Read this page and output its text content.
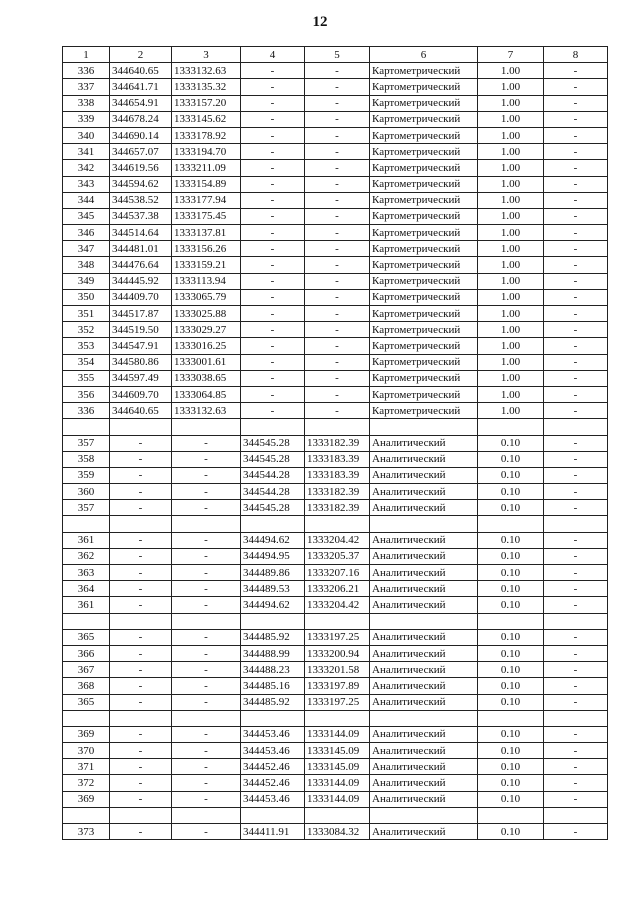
12
1	2	3	4	5	6	7	8
336	344640.65	1333132.63	-	-	Картометрический	1.00	-
337	344641.71	1333135.32	-	-	Картометрический	1.00	-
338	344654.91	1333157.20	-	-	Картометрический	1.00	-
339	344678.24	1333145.62	-	-	Картометрический	1.00	-
340	344690.14	1333178.92	-	-	Картометрический	1.00	-
341	344657.07	1333194.70	-	-	Картометрический	1.00	-
342	344619.56	1333211.09	-	-	Картометрический	1.00	-
343	344594.62	1333154.89	-	-	Картометрический	1.00	-
344	344538.52	1333177.94	-	-	Картометрический	1.00	-
345	344537.38	1333175.45	-	-	Картометрический	1.00	-
346	344514.64	1333137.81	-	-	Картометрический	1.00	-
347	344481.01	1333156.26	-	-	Картометрический	1.00	-
348	344476.64	1333159.21	-	-	Картометрический	1.00	-
349	344445.92	1333113.94	-	-	Картометрический	1.00	-
350	344409.70	1333065.79	-	-	Картометрический	1.00	-
351	344517.87	1333025.88	-	-	Картометрический	1.00	-
352	344519.50	1333029.27	-	-	Картометрический	1.00	-
353	344547.91	1333016.25	-	-	Картометрический	1.00	-
354	344580.86	1333001.61	-	-	Картометрический	1.00	-
355	344597.49	1333038.65	-	-	Картометрический	1.00	-
356	344609.70	1333064.85	-	-	Картометрический	1.00	-
336	344640.65	1333132.63	-	-	Картометрический	1.00	-

357	-	-	344545.28	1333182.39	Аналитический	0.10	-
358	-	-	344545.28	1333183.39	Аналитический	0.10	-
359	-	-	344544.28	1333183.39	Аналитический	0.10	-
360	-	-	344544.28	1333182.39	Аналитический	0.10	-
357	-	-	344545.28	1333182.39	Аналитический	0.10	-

361	-	-	344494.62	1333204.42	Аналитический	0.10	-
362	-	-	344494.95	1333205.37	Аналитический	0.10	-
363	-	-	344489.86	1333207.16	Аналитический	0.10	-
364	-	-	344489.53	1333206.21	Аналитический	0.10	-
361	-	-	344494.62	1333204.42	Аналитический	0.10	-

365	-	-	344485.92	1333197.25	Аналитический	0.10	-
366	-	-	344488.99	1333200.94	Аналитический	0.10	-
367	-	-	344488.23	1333201.58	Аналитический	0.10	-
368	-	-	344485.16	1333197.89	Аналитический	0.10	-
365	-	-	344485.92	1333197.25	Аналитический	0.10	-

369	-	-	344453.46	1333144.09	Аналитический	0.10	-
370	-	-	344453.46	1333145.09	Аналитический	0.10	-
371	-	-	344452.46	1333145.09	Аналитический	0.10	-
372	-	-	344452.46	1333144.09	Аналитический	0.10	-
369	-	-	344453.46	1333144.09	Аналитический	0.10	-

373	-	-	344411.91	1333084.32	Аналитический	0.10	-
